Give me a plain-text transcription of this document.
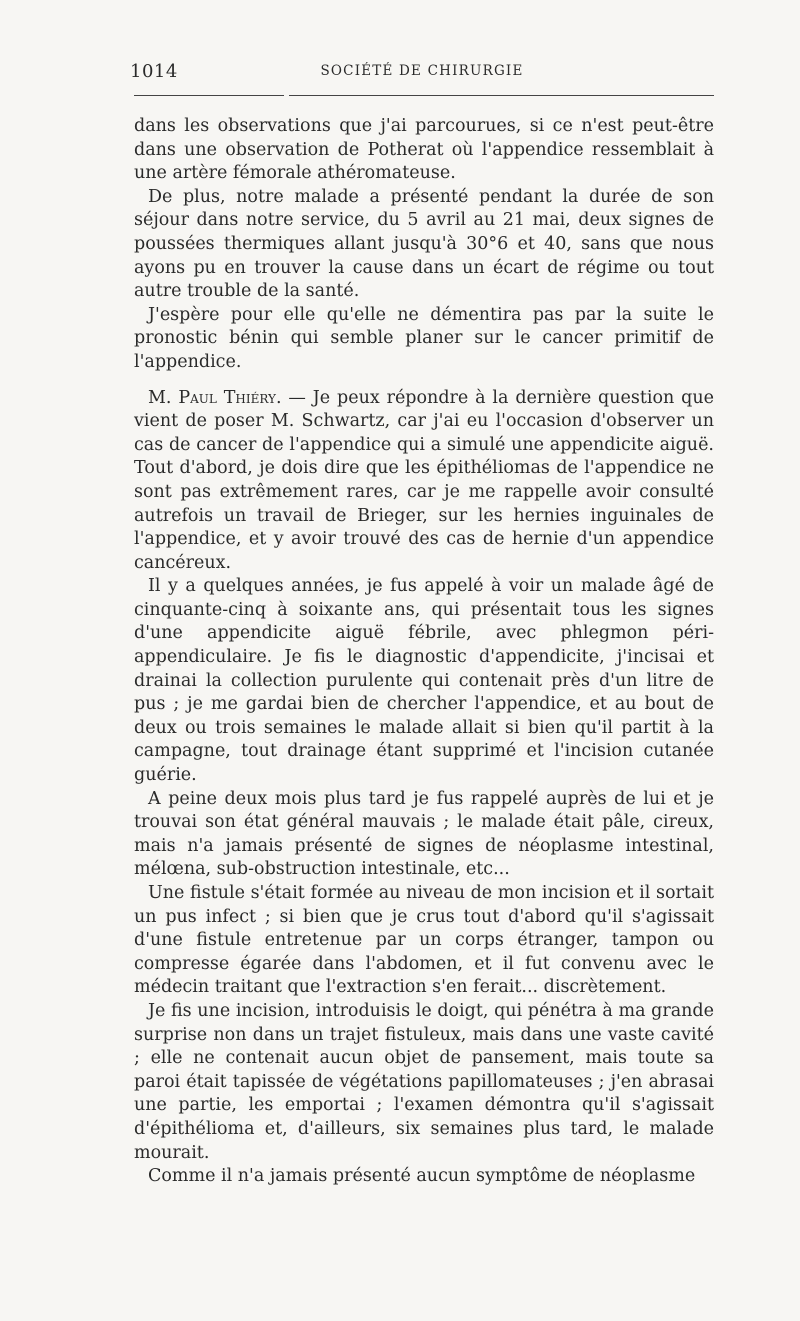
1014	SOCIÉTÉ DE CHIRURGIE

dans les observations que j'ai parcourues, si ce n'est peut-être dans une observation de Potherat où l'appendice ressemblait à une artère fémorale athéromateuse.

De plus, notre malade a présenté pendant la durée de son séjour dans notre service, du 5 avril au 21 mai, deux signes de poussées thermiques allant jusqu'à 30°6 et 40, sans que nous ayons pu en trouver la cause dans un écart de régime ou tout autre trouble de la santé.

J'espère pour elle qu'elle ne démentira pas par la suite le pronostic bénin qui semble planer sur le cancer primitif de l'appendice.

M. Paul Thiéry. — Je peux répondre à la dernière question que vient de poser M. Schwartz, car j'ai eu l'occasion d'observer un cas de cancer de l'appendice qui a simulé une appendicite aiguë. Tout d'abord, je dois dire que les épithéliomas de l'appendice ne sont pas extrêmement rares, car je me rappelle avoir consulté autrefois un travail de Brieger, sur les hernies inguinales de l'appendice, et y avoir trouvé des cas de hernie d'un appendice cancéreux.

Il y a quelques années, je fus appelé à voir un malade âgé de cinquante-cinq à soixante ans, qui présentait tous les signes d'une appendicite aiguë fébrile, avec phlegmon péri-appendiculaire. Je fis le diagnostic d'appendicite, j'incisai et drainai la collection purulente qui contenait près d'un litre de pus ; je me gardai bien de chercher l'appendice, et au bout de deux ou trois semaines le malade allait si bien qu'il partit à la campagne, tout drainage étant supprimé et l'incision cutanée guérie.

A peine deux mois plus tard je fus rappelé auprès de lui et je trouvai son état général mauvais ; le malade était pâle, cireux, mais n'a jamais présenté de signes de néoplasme intestinal, mélœna, sub-obstruction intestinale, etc...

Une fistule s'était formée au niveau de mon incision et il sortait un pus infect ; si bien que je crus tout d'abord qu'il s'agissait d'une fistule entretenue par un corps étranger, tampon ou compresse égarée dans l'abdomen, et il fut convenu avec le médecin traitant que l'extraction s'en ferait... discrètement.

Je fis une incision, introduisis le doigt, qui pénétra à ma grande surprise non dans un trajet fistuleux, mais dans une vaste cavité ; elle ne contenait aucun objet de pansement, mais toute sa paroi était tapissée de végétations papillomateuses ; j'en abrasai une partie, les emportai ; l'examen démontra qu'il s'agissait d'épithélioma et, d'ailleurs, six semaines plus tard, le malade mourait.

Comme il n'a jamais présenté aucun symptôme de néoplasme
